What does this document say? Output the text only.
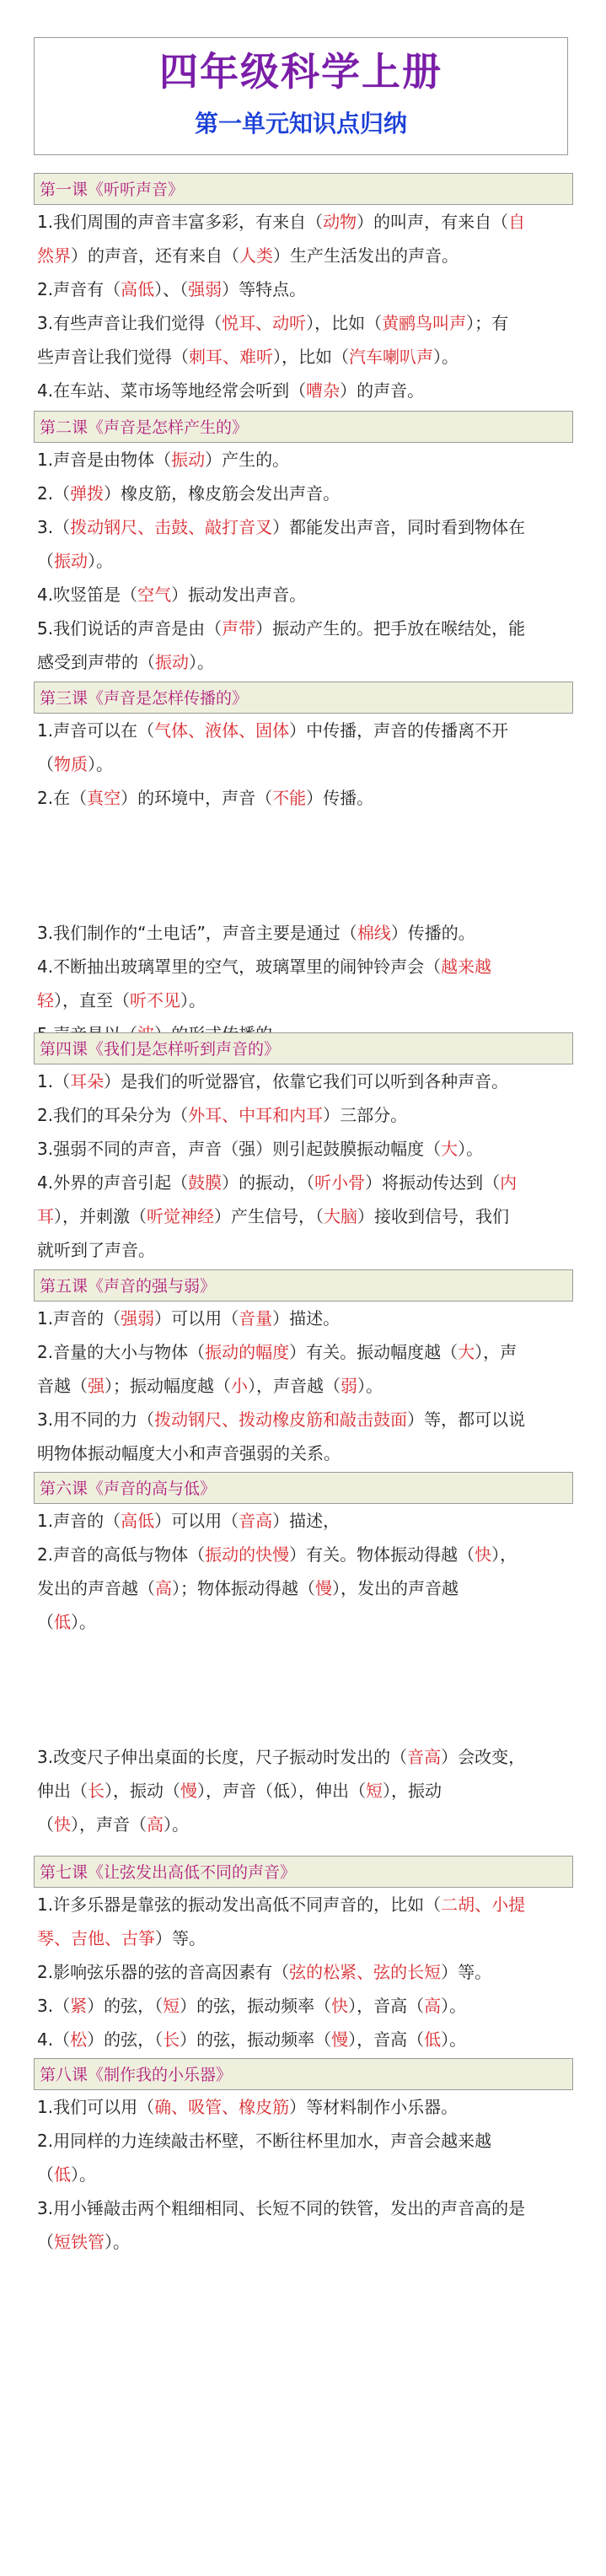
四年级科学上册
第一单元知识点归纳
第一课《听听声音》
1.我们周围的声音丰富多彩，有来自（动物）的叫声，有来自（自
然界）的声音，还有来自（人类）生产生活发出的声音。
2.声音有（高低）、（强弱）等特点。
3.有些声音让我们觉得（悦耳、动听），比如（黄鹂鸟叫声）；有
些声音让我们觉得（刺耳、难听），比如（汽车喇叭声）。
4.在车站、菜市场等地经常会听到（嘈杂）的声音。
第二课《声音是怎样产生的》
1.声音是由物体（振动）产生的。
2.（弹拨）橡皮筋，橡皮筋会发出声音。
3.（拨动钢尺、击鼓、敲打音叉）都能发出声音，同时看到物体在
（振动）。
4.吹竖笛是（空气）振动发出声音。
5.我们说话的声音是由（声带）振动产生的。把手放在喉结处，能
感受到声带的（振动）。
第三课《声音是怎样传播的》
1.声音可以在（气体、液体、固体）中传播，声音的传播离不开
（物质）。
2.在（真空）的环境中，声音（不能）传播。

3.我们制作的“土电话”，声音主要是通过（棉线）传播的。
4.不断抽出玻璃罩里的空气，玻璃罩里的闹钟铃声会（越来越
轻），直至（听不见）。
第四课《我们是怎样听到声音的》
1.（耳朵）是我们的听觉器官，依靠它我们可以听到各种声音。
2.我们的耳朵分为（外耳、中耳和内耳）三部分。
3.强弱不同的声音，声音（强）则引起鼓膜振动幅度（大）。
4.外界的声音引起（鼓膜）的振动，（听小骨）将振动传达到（内
耳），并刺激（听觉神经）产生信号，（大脑）接收到信号，我们
就听到了声音。
第五课《声音的强与弱》
1.声音的（强弱）可以用（音量）描述。
2.音量的大小与物体（振动的幅度）有关。振动幅度越（大），声
音越（强）；振动幅度越（小），声音越（弱）。
3.用不同的力（拨动钢尺、拨动橡皮筋和敲击鼓面）等，都可以说
明物体振动幅度大小和声音强弱的关系。
第六课《声音的高与低》
1.声音的（高低）可以用（音高）描述，
2.声音的高低与物体（振动的快慢）有关。物体振动得越（快），
发出的声音越（高）；物体振动得越（慢），发出的声音越
（低）。

3.改变尺子伸出桌面的长度，尺子振动时发出的（音高）会改变，
伸出（长），振动（慢），声音（低），伸出（短），振动
（快），声音（高）。
第七课《让弦发出高低不同的声音》
1.许多乐器是靠弦的振动发出高低不同声音的，比如（二胡、小提
琴、吉他、古筝）等。
2.影响弦乐器的弦的音高因素有（弦的松紧、弦的长短）等。
3.（紧）的弦，（短）的弦，振动频率（快），音高（高）。
4.（松）的弦，（长）的弦，振动频率（慢），音高（低）。
第八课《制作我的小乐器》
1.我们可以用（确、吸管、橡皮筋）等材料制作小乐器。
2.用同样的力连续敲击杯壁，不断往杯里加水，声音会越来越
（低）。
3.用小锤敲击两个粗细相同、长短不同的铁管，发出的声音高的是
（短铁管）。
